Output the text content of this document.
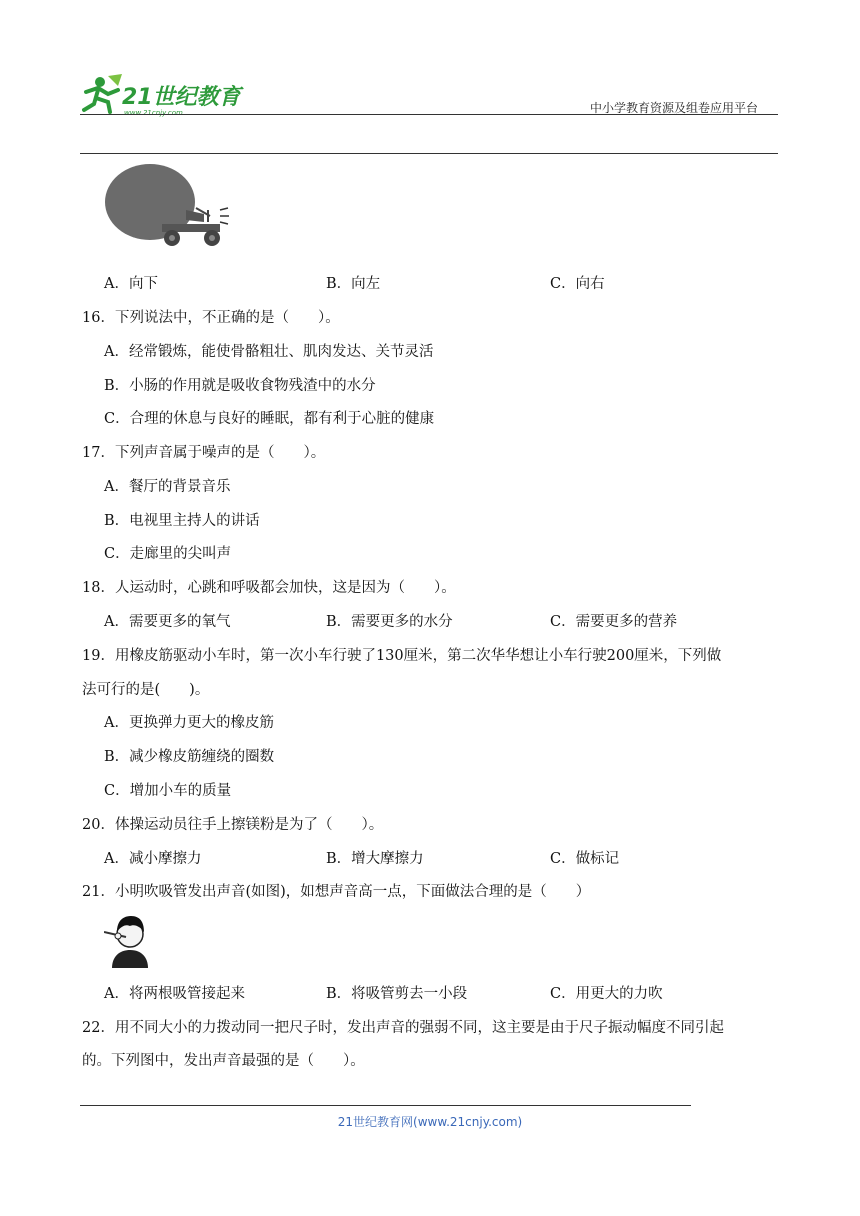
21世纪教育
www.21cnjy.com	中小学教育资源及组卷应用平台
A．向下	B．向左	C．向右
16．下列说法中，不正确的是（　　）。
A．经常锻炼，能使骨骼粗壮、肌肉发达、关节灵活
B．小肠的作用就是吸收食物残渣中的水分
C．合理的休息与良好的睡眠，都有利于心脏的健康
17．下列声音属于噪声的是（　　）。
A．餐厅的背景音乐
B．电视里主持人的讲话
C．走廊里的尖叫声
18．人运动时，心跳和呼吸都会加快，这是因为（　　）。
A．需要更多的氧气	B．需要更多的水分	C．需要更多的营养
19．用橡皮筋驱动小车时，第一次小车行驶了130厘米，第二次华华想让小车行驶200厘米，下列做
法可行的是(　　)。
A．更换弹力更大的橡皮筋
B．减少橡皮筋缠绕的圈数
C．增加小车的质量
20．体操运动员往手上擦镁粉是为了（　　）。
A．减小摩擦力	B．增大摩擦力	C．做标记
21．小明吹吸管发出声音(如图)，如想声音高一点，下面做法合理的是（　　）
A．将两根吸管接起来	B．将吸管剪去一小段	C．用更大的力吹
22．用不同大小的力拨动同一把尺子时，发出声音的强弱不同，这主要是由于尺子振动幅度不同引起
的。下列图中，发出声音最强的是（　　）。
21世纪教育网(www.21cnjy.com)
